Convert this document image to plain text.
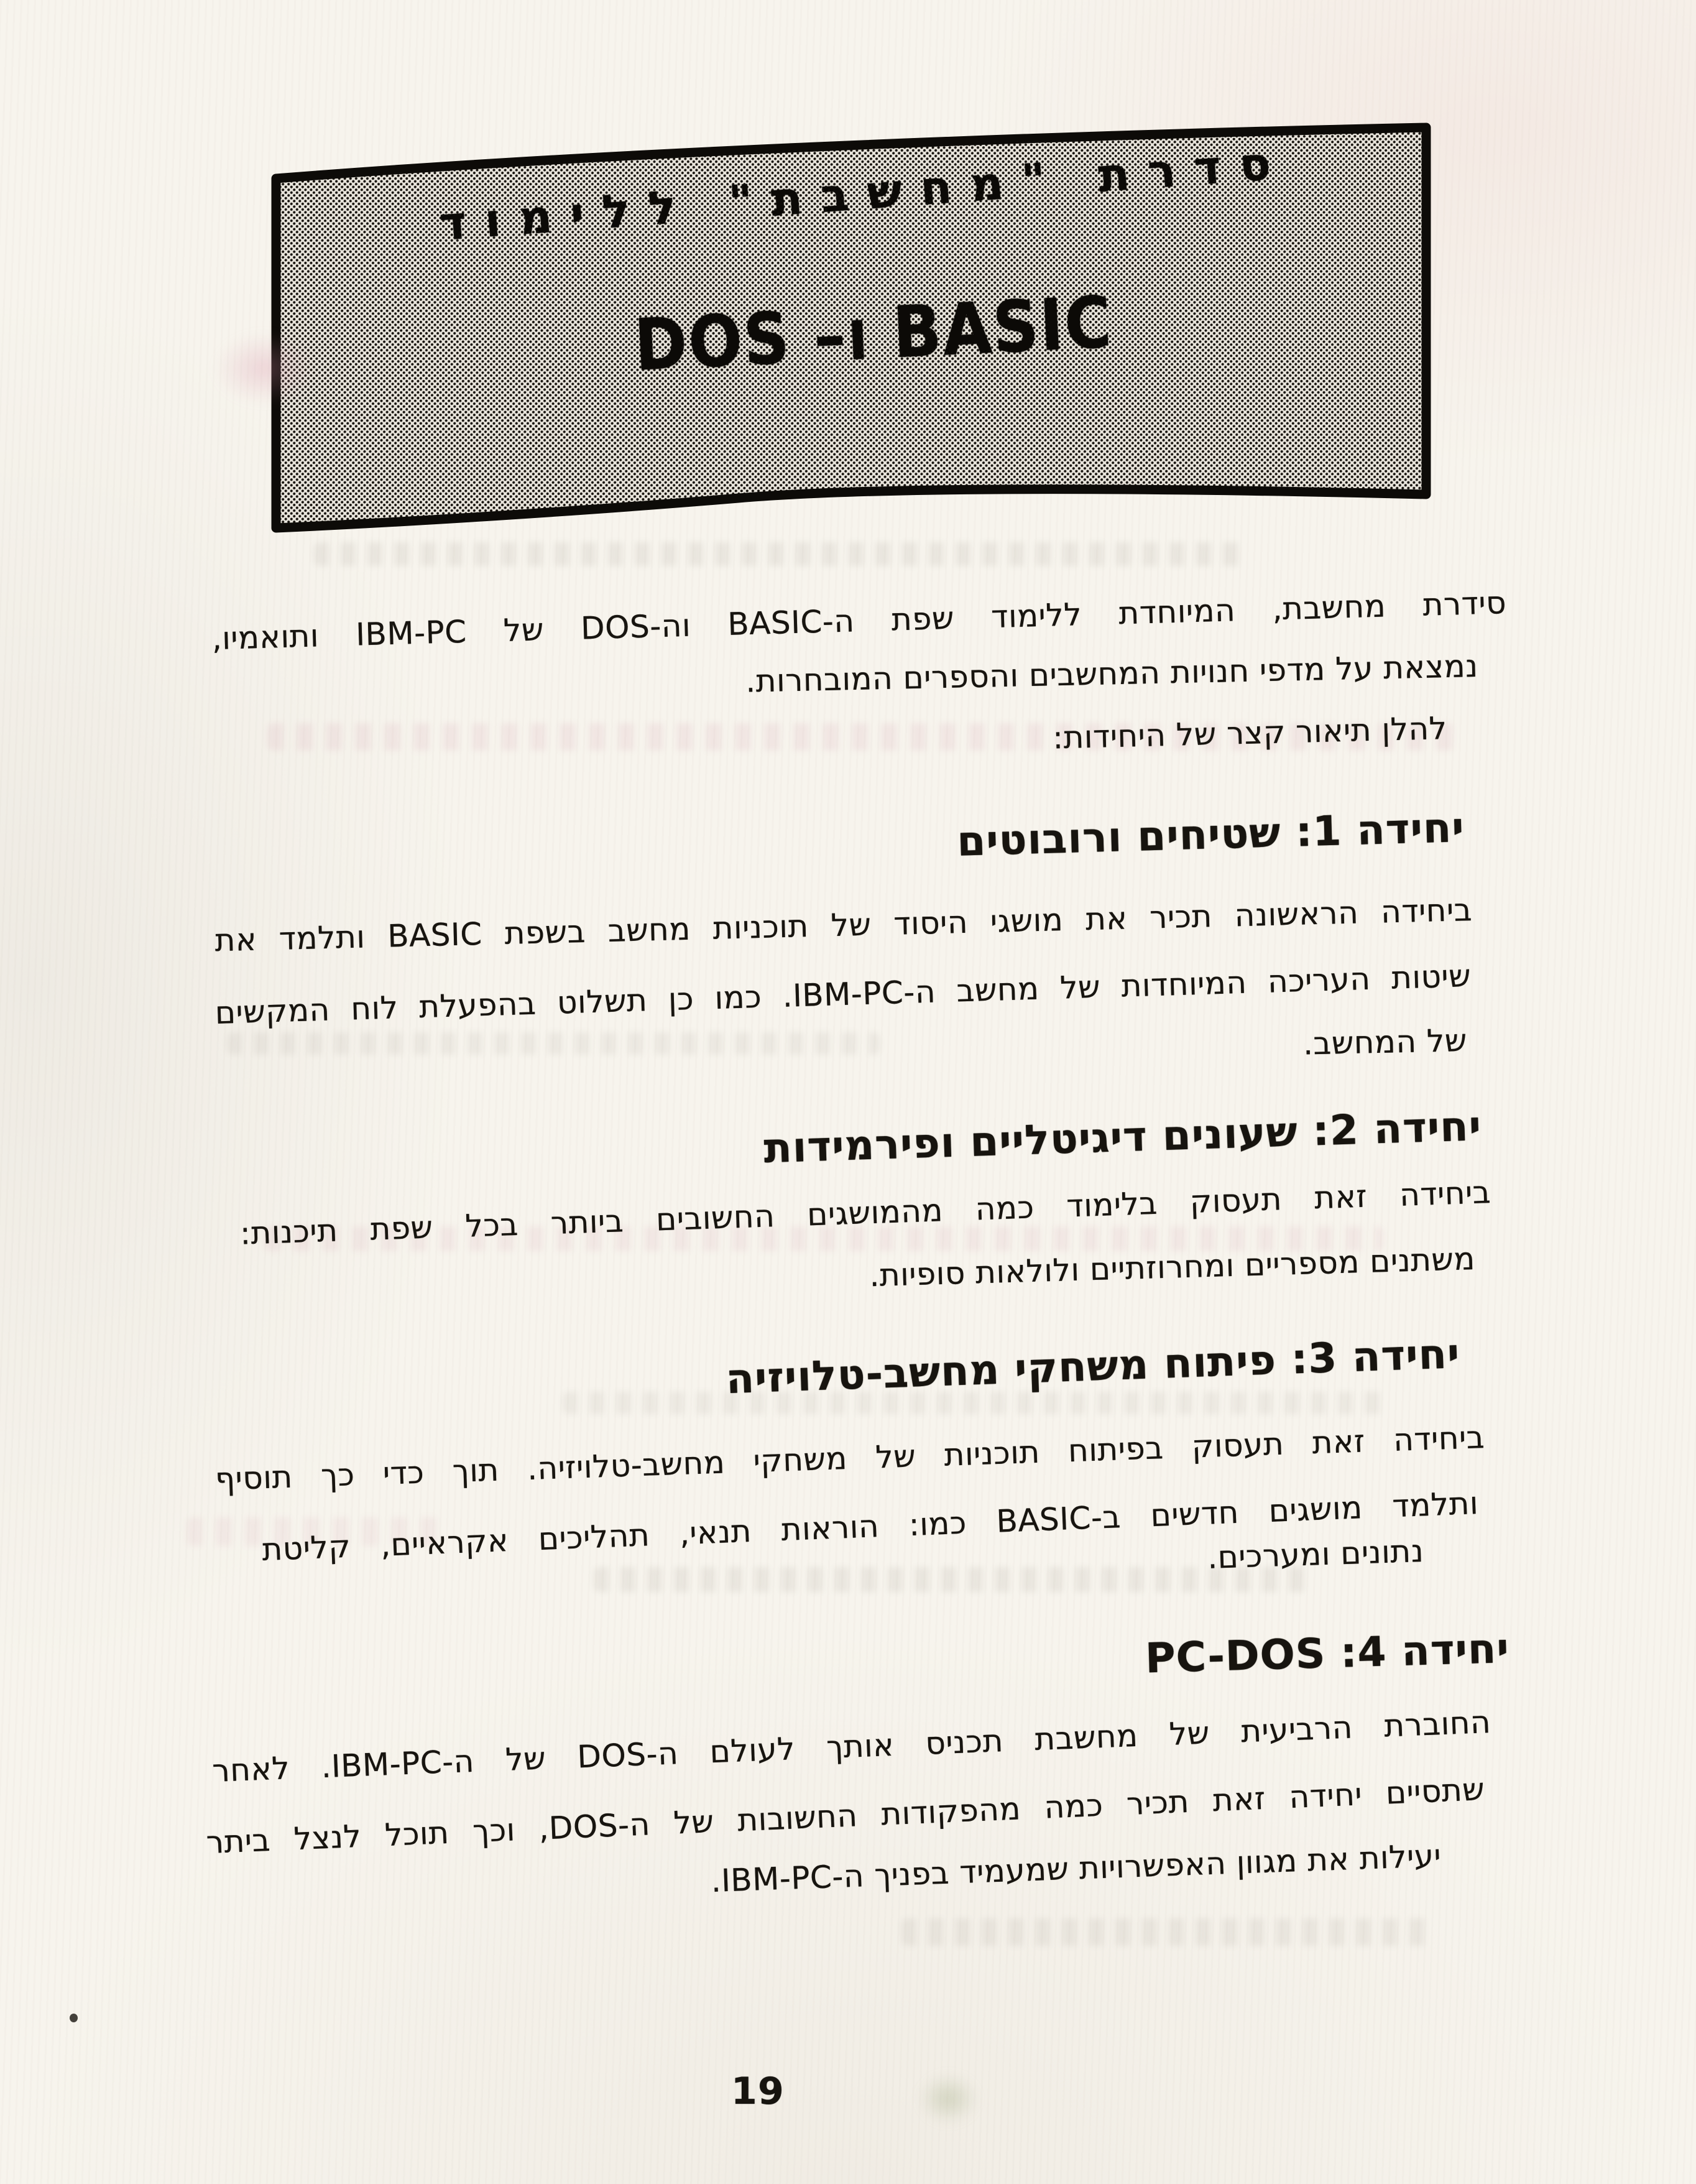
סדרת "מחשבת" ללימוד
BASIC ו– DOS
סידרת מחשבת, המיוחדת ללימוד שפת ה-BASIC וה-DOS של IBM-PC ותואמיו,
נמצאת על מדפי חנויות המחשבים והספרים המובחרות.
להלן תיאור קצר של היחידות:
יחידה 1: שטיחים ורובוטים
ביחידה הראשונה תכיר את מושגי היסוד של תוכניות מחשב בשפת BASIC ותלמד את
שיטות העריכה המיוחדות של מחשב ה-IBM-PC. כמו כן תשלוט בהפעלת לוח המקשים
של המחשב.
יחידה 2: שעונים דיגיטליים ופירמידות
ביחידה זאת תעסוק בלימוד כמה מהמושגים החשובים ביותר בכל שפת תיכנות:
משתנים מספריים ומחרוזתיים ולולאות סופיות.
יחידה 3: פיתוח משחקי מחשב-טלויזיה
ביחידה זאת תעסוק בפיתוח תוכניות של משחקי מחשב-טלויזיה. תוך כדי כך תוסיף
ותלמד מושגים חדשים ב-BASIC כמו: הוראות תנאי, תהליכים אקראיים, קליטת
נתונים ומערכים.
יחידה 4: PC-DOS
החוברת הרביעית של מחשבת תכניס אותך לעולם ה-DOS של ה-IBM-PC. לאחר
שתסיים יחידה זאת תכיר כמה מהפקודות החשובות של ה-DOS, וכך תוכל לנצל ביתר
יעילות את מגוון האפשרויות שמעמיד בפניך ה-IBM-PC.
19
